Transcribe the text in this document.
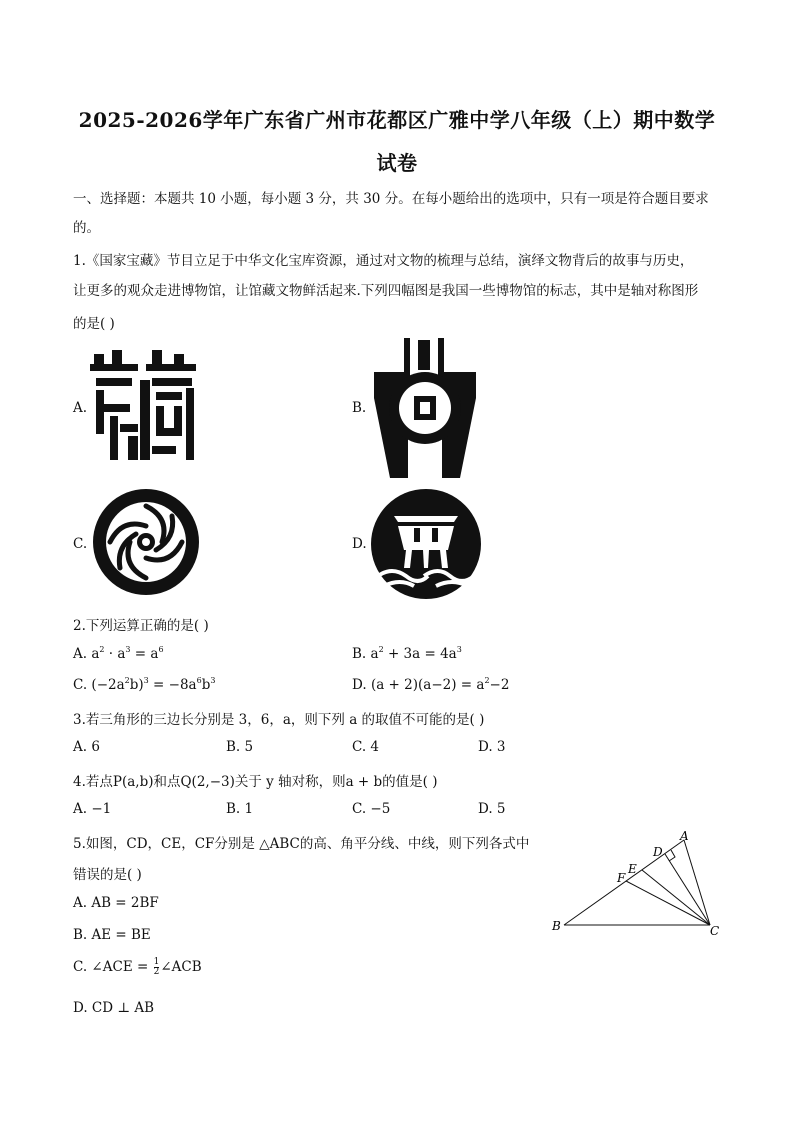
2025-2026学年广东省广州市花都区广雅中学八年级（上）期中数学
试卷
一、选择题：本题共 10 小题，每小题 3 分，共 30 分。在每小题给出的选项中，只有一项是符合题目要求
的。
1.《国家宝藏》节目立足于中华文化宝库资源，通过对文物的梳理与总结，演绎文物背后的故事与历史，
让更多的观众走进博物馆，让馆藏文物鲜活起来.下列四幅图是我国一些博物馆的标志，其中是轴对称图形
的是( )
A.	B.
C.	D.
2.下列运算正确的是( )
A. $a^2 \cdot a^3 = a^6$	B. $a^2 + 3a = 4a^3$
C. $(-2a^2b)^3 = -8a^6b^3$	D. $(a + 2)(a-2) = a^2-2$
3.若三角形的三边长分别是 3，6，a，则下列 a 的取值不可能的是( )
A. 6	B. 5	C. 4	D. 3
4.若点P(a,b)和点Q(2,−3)关于 y 轴对称，则a + b的值是( )
A. −1	B. 1	C. −5	D. 5
5.如图，CD，CE，CF分别是 △ABC的高、角平分线、中线，则下列各式中
错误的是( )
A. AB = 2BF
B. AE = BE
C. ∠ACE = $\frac{1}{2}$ ∠ACB
D. CD ⊥ AB
A
B	C
D
E
F
